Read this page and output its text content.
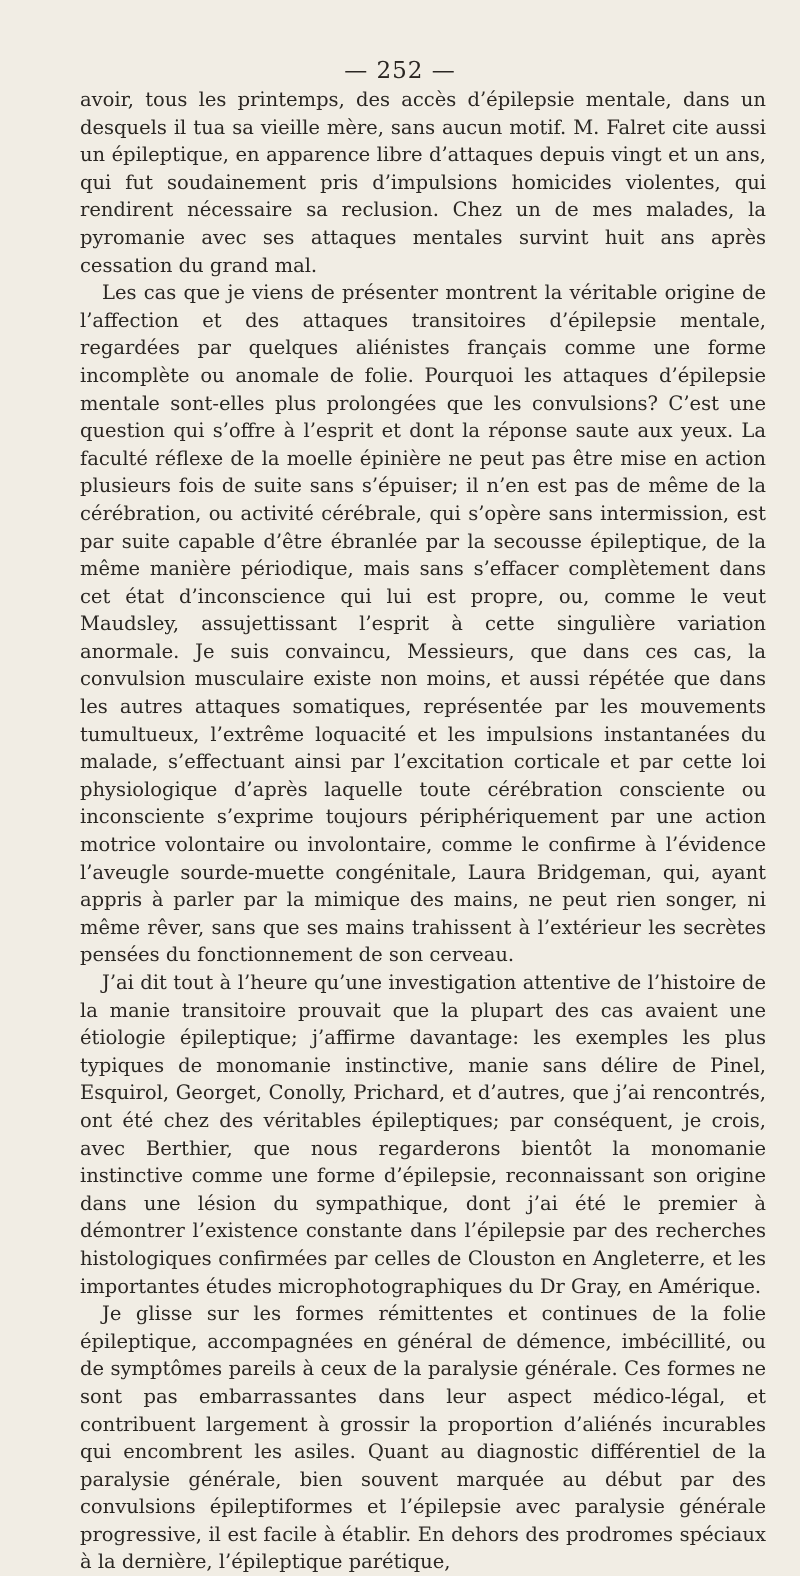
— 252 —

avoir, tous les printemps, des accès d’épilepsie mentale, dans un desquels il tua sa vieille mère, sans aucun motif. M. Falret cite aussi un épileptique, en apparence libre d’attaques depuis vingt et un ans, qui fut soudainement pris d’impulsions homicides violentes, qui rendirent nécessaire sa reclusion. Chez un de mes malades, la pyromanie avec ses attaques mentales survint huit ans après cessation du grand mal.

Les cas que je viens de présenter montrent la véritable origine de l’affection et des attaques transitoires d’épilepsie mentale, regardées par quelques aliénistes français comme une forme incomplète ou anomale de folie. Pourquoi les attaques d’épilepsie mentale sont-elles plus prolongées que les convulsions? C’est une question qui s’offre à l’esprit et dont la réponse saute aux yeux. La faculté réflexe de la moelle épinière ne peut pas être mise en action plusieurs fois de suite sans s’épuiser; il n’en est pas de même de la cérébration, ou activité cérébrale, qui s’opère sans intermission, est par suite capable d’être ébranlée par la secousse épileptique, de la même manière périodique, mais sans s’effacer complètement dans cet état d’inconscience qui lui est propre, ou, comme le veut Maudsley, assujettissant l’esprit à cette singulière variation anormale. Je suis convaincu, Messieurs, que dans ces cas, la convulsion musculaire existe non moins, et aussi répétée que dans les autres attaques somatiques, représentée par les mouvements tumultueux, l’extrême loquacité et les impulsions instantanées du malade, s’effectuant ainsi par l’excitation corticale et par cette loi physiologique d’après laquelle toute cérébration consciente ou inconsciente s’exprime toujours périphériquement par une action motrice volontaire ou involontaire, comme le confirme à l’évidence l’aveugle sourde-muette congénitale, Laura Bridgeman, qui, ayant appris à parler par la mimique des mains, ne peut rien songer, ni même rêver, sans que ses mains trahissent à l’extérieur les secrètes pensées du fonctionnement de son cerveau.

J’ai dit tout à l’heure qu’une investigation attentive de l’histoire de la manie transitoire prouvait que la plupart des cas avaient une étiologie épileptique; j’affirme davantage: les exemples les plus typiques de monomanie instinctive, manie sans délire de Pinel, Esquirol, Georget, Conolly, Prichard, et d’autres, que j’ai rencontrés, ont été chez des véritables épileptiques; par conséquent, je crois, avec Berthier, que nous regarderons bientôt la monomanie instinctive comme une forme d’épilepsie, reconnaissant son origine dans une lésion du sympathique, dont j’ai été le premier à démontrer l’existence constante dans l’épilepsie par des recherches histologiques confirmées par celles de Clouston en Angleterre, et les importantes études microphotographiques du Dr Gray, en Amérique.

Je glisse sur les formes rémittentes et continues de la folie épileptique, accompagnées en général de démence, imbécillité, ou de symptômes pareils à ceux de la paralysie générale. Ces formes ne sont pas embarrassantes dans leur aspect médico-légal, et contribuent largement à grossir la proportion d’aliénés incurables qui encombrent les asiles. Quant au diagnostic différentiel de la paralysie générale, bien souvent marquée au début par des convulsions épileptiformes et l’épilepsie avec paralysie générale progressive, il est facile à établir. En dehors des prodromes spéciaux à la dernière, l’épileptique parétique,
